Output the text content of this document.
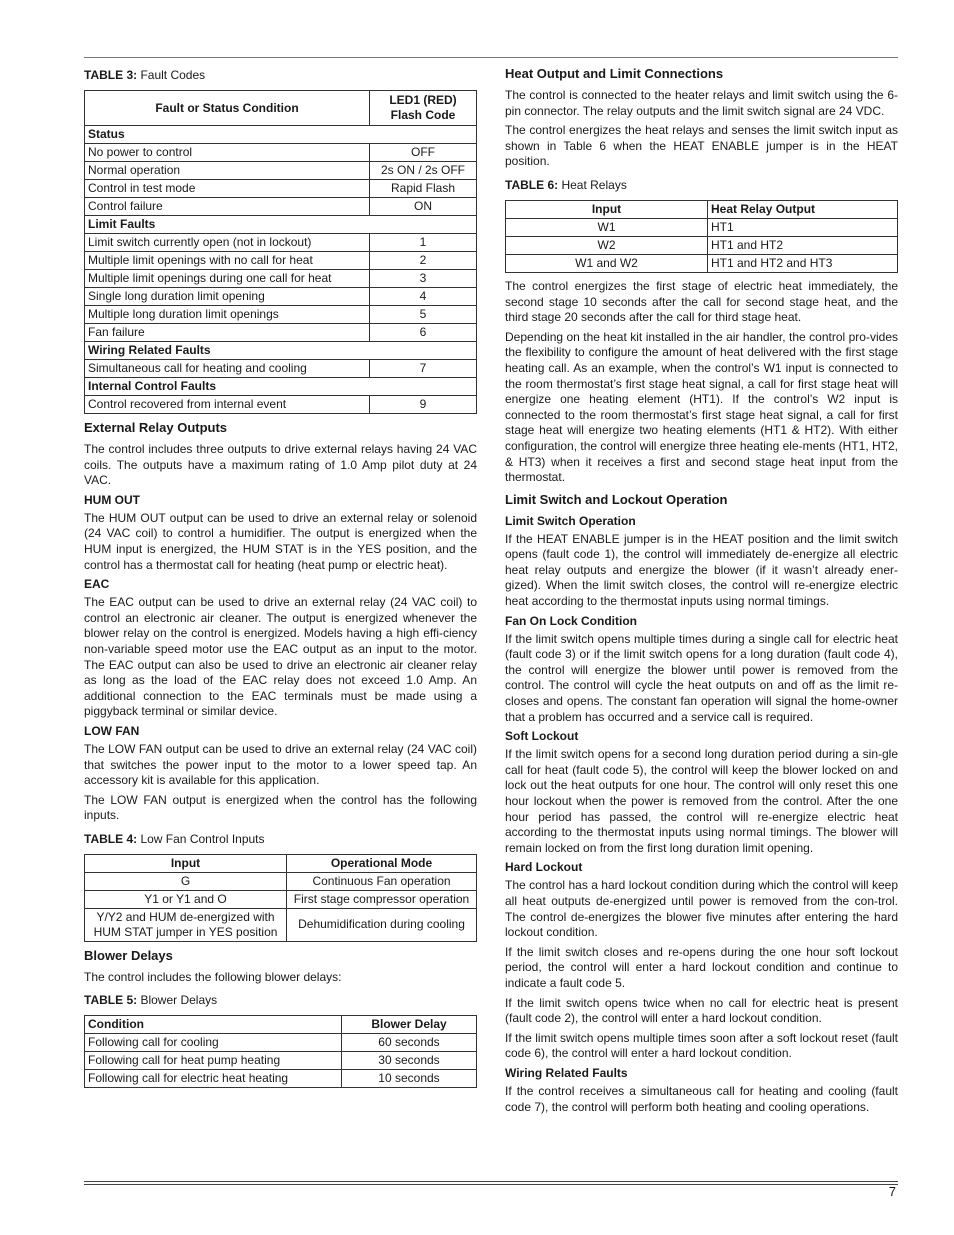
TABLE 3: Fault Codes
Fault or Status Condition	LED1 (RED)
Flash Code
Status	
No power to control	OFF
Normal operation	2s ON / 2s OFF
Control in test mode	Rapid Flash
Control failure	ON
Limit Faults	
Limit switch currently open (not in lockout)	1
Multiple limit openings with no call for heat	2
Multiple limit openings during one call for heat	3
Single long duration limit opening	4
Multiple long duration limit openings	5
Fan failure	6
Wiring Related Faults	
Simultaneous call for heating and cooling	7
Internal Control Faults	
Control recovered from internal event	9
External Relay Outputs

The control includes three outputs to drive external relays having 24 VAC coils. The outputs have a maximum rating of 1.0 Amp pilot duty at 24 VAC.

HUM OUT

The HUM OUT output can be used to drive an external relay or solenoid (24 VAC coil) to control a humidifier. The output is energized when the HUM input is energized, the HUM STAT is in the YES position, and the control has a thermostat call for heating (heat pump or electric heat).

EAC

The EAC output can be used to drive an external relay (24 VAC coil) to control an electronic air cleaner. The output is energized whenever the blower relay on the control is energized. Models having a high effi-ciency non-variable speed motor use the EAC output as an input to the motor. The EAC output can also be used to drive an electronic air cleaner relay as long as the load of the EAC relay does not exceed 1.0 Amp. An additional connection to the EAC terminals must be made using a piggyback terminal or similar device.

LOW FAN

The LOW FAN output can be used to drive an external relay (24 VAC coil) that switches the power input to the motor to a lower speed tap. An accessory kit is available for this application.

The LOW FAN output is energized when the control has the following inputs.

TABLE 4: Low Fan Control Inputs
Input	Operational Mode
G	Continuous Fan operation
Y1 or Y1 and O	First stage compressor operation
Y/Y2 and HUM de-energized with HUM STAT jumper in YES position	Dehumidification during cooling
Blower Delays

The control includes the following blower delays:

TABLE 5: Blower Delays
Condition	Blower Delay
Following call for cooling	60 seconds
Following call for heat pump heating	30 seconds
Following call for electric heat heating	10 seconds
Heat Output and Limit Connections

The control is connected to the heater relays and limit switch using the 6-pin connector. The relay outputs and the limit switch signal are 24 VDC.

The control energizes the heat relays and senses the limit switch input as shown in Table 6 when the HEAT ENABLE jumper is in the HEAT position.

TABLE 6: Heat Relays
Input	Heat Relay Output
W1	HT1
W2	HT1 and HT2
W1 and W2	HT1 and HT2 and HT3

The control energizes the first stage of electric heat immediately, the second stage 10 seconds after the call for second stage heat, and the third stage 20 seconds after the call for third stage heat.

Depending on the heat kit installed in the air handler, the control pro-vides the flexibility to configure the amount of heat delivered with the first stage heating call. As an example, when the control’s W1 input is connected to the room thermostat’s first stage heat signal, a call for first stage heat will energize one heating element (HT1). If the control’s W2 input is connected to the room thermostat’s first stage heat signal, a call for first stage heat will energize two heating elements (HT1 & HT2). With either configuration, the control will energize three heating ele-ments (HT1, HT2, & HT3) when it receives a first and second stage heat input from the thermostat.

Limit Switch and Lockout Operation
Limit Switch Operation

If the HEAT ENABLE jumper is in the HEAT position and the limit switch opens (fault code 1), the control will immediately de-energize all electric heat relay outputs and energize the blower (if it wasn’t already ener-gized). When the limit switch closes, the control will re-energize electric heat according to the thermostat inputs using normal timings.

Fan On Lock Condition

If the limit switch opens multiple times during a single call for electric heat (fault code 3) or if the limit switch opens for a long duration (fault code 4), the control will energize the blower until power is removed from the control. The control will cycle the heat outputs on and off as the limit re-closes and opens. The constant fan operation will signal the home-owner that a problem has occurred and a service call is required.

Soft Lockout

If the limit switch opens for a second long duration period during a sin-gle call for heat (fault code 5), the control will keep the blower locked on and lock out the heat outputs for one hour. The control will only reset this one hour lockout when the power is removed from the control. After the one hour period has passed, the control will re-energize electric heat according to the thermostat inputs using normal timings. The blower will remain locked on from the first long duration limit opening.

Hard Lockout

The control has a hard lockout condition during which the control will keep all heat outputs de-energized until power is removed from the con-trol. The control de-energizes the blower five minutes after entering the hard lockout condition.

If the limit switch closes and re-opens during the one hour soft lockout period, the control will enter a hard lockout condition and continue to indicate a fault code 5.

If the limit switch opens twice when no call for electric heat is present (fault code 2), the control will enter a hard lockout condition.

If the limit switch opens multiple times soon after a soft lockout reset (fault code 6), the control will enter a hard lockout condition.

Wiring Related Faults

If the control receives a simultaneous call for heating and cooling (fault code 7), the control will perform both heating and cooling operations.

7
